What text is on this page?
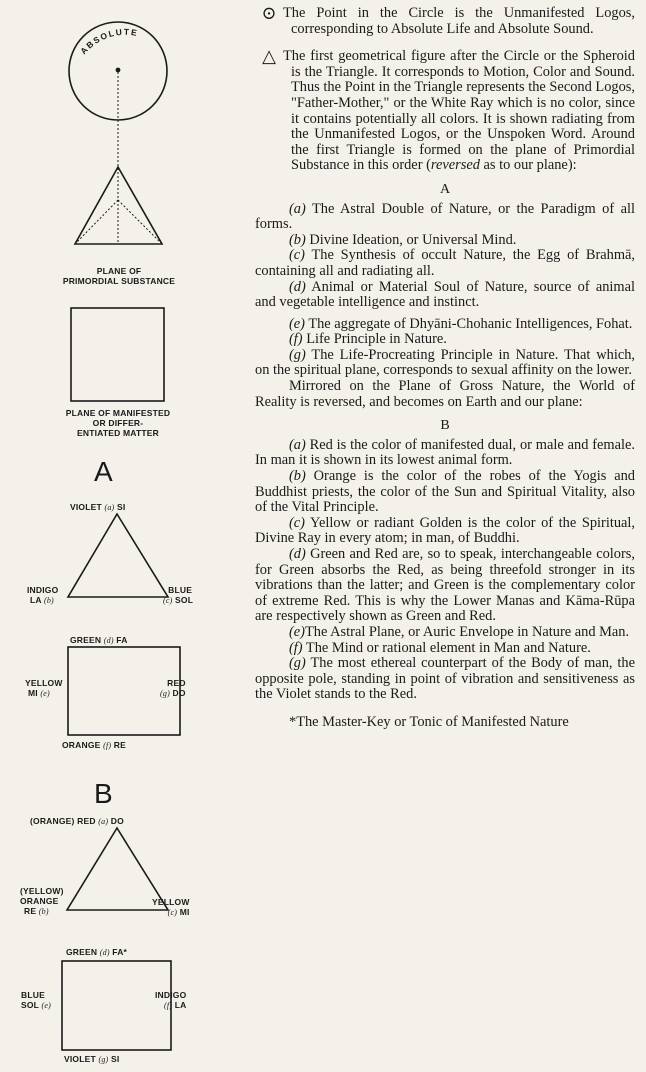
ABSOLUTE
PLANE OF
PRIMORDIAL SUBSTANCE
PLANE OF MANIFESTED
OR DIFFER-
ENTIATED MATTER
A
VIOLET (a) SI
INDIGO
LA (b)
BLUE
(c) SOL
GREEN (d) FA
YELLOW
MI (e)
RED
(g) DO
ORANGE (f) RE
B
(ORANGE) RED (a) DO
(YELLOW)
ORANGE
RE (b)
YELLOW
(c) MI
GREEN (d) FA*
BLUE
SOL (e)
INDIGO
(f) LA
VIOLET (g) SI

⊙ The Point in the Circle is the Unmanifested Logos, corresponding to Absolute Life and Absolute Sound.

△ The first geometrical figure after the Circle or the Spheroid is the Triangle. It corresponds to Motion, Color and Sound. Thus the Point in the Triangle represents the Second Logos, "Father-Mother," or the White Ray which is no color, since it contains potentially all colors. It is shown radiating from the Unmanifested Logos, or the Unspoken Word. Around the first Triangle is formed on the plane of Primordial Substance in this order (reversed as to our plane):

A

(a) The Astral Double of Nature, or the Paradigm of all forms.

(b) Divine Ideation, or Universal Mind.

(c) The Synthesis of occult Nature, the Egg of Brahmā, containing all and radiating all.

(d) Animal or Material Soul of Nature, source of animal and vegetable intelligence and instinct.

(e) The aggregate of Dhyāni-Chohanic Intelligences, Fohat.

(f) Life Principle in Nature.

(g) The Life-Procreating Principle in Nature. That which, on the spiritual plane, corresponds to sexual affinity on the lower.

Mirrored on the Plane of Gross Nature, the World of Reality is reversed, and becomes on Earth and our plane:

B

(a) Red is the color of manifested dual, or male and female. In man it is shown in its lowest animal form.

(b) Orange is the color of the robes of the Yogis and Buddhist priests, the color of the Sun and Spiritual Vitality, also of the Vital Principle.

(c) Yellow or radiant Golden is the color of the Spiritual, Divine Ray in every atom; in man, of Buddhi.

(d) Green and Red are, so to speak, interchangeable colors, for Green absorbs the Red, as being threefold stronger in its vibrations than the latter; and Green is the complementary color of extreme Red. This is why the Lower Manas and Kāma-Rūpa are respectively shown as Green and Red.

(e)The Astral Plane, or Auric Envelope in Nature and Man.

(f) The Mind or rational element in Man and Nature.

(g) The most ethereal counterpart of the Body of man, the opposite pole, standing in point of vibration and sensitiveness as the Violet stands to the Red.

*The Master-Key or Tonic of Manifested Nature
